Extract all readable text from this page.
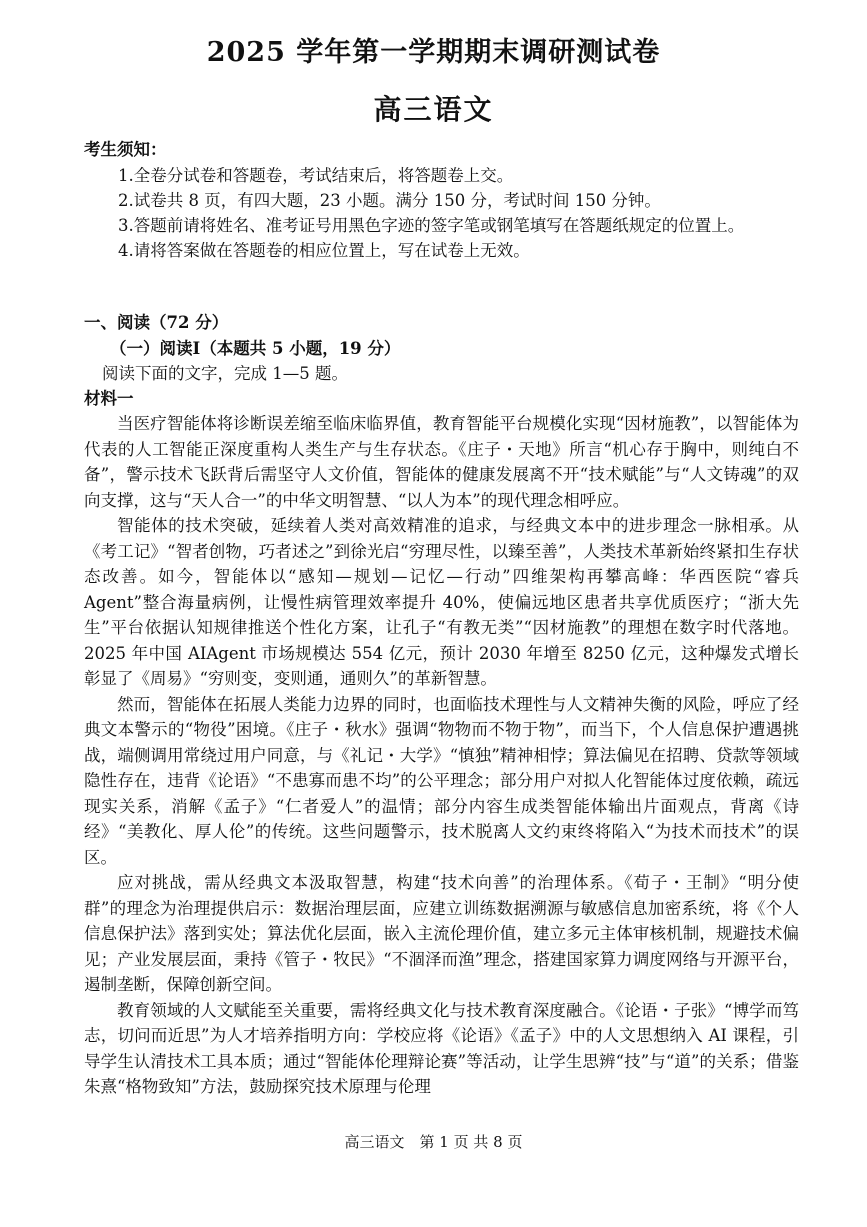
2025 学年第一学期期末调研测试卷
高三语文
考生须知：
1.全卷分试卷和答题卷，考试结束后，将答题卷上交。
2.试卷共 8 页，有四大题，23 小题。满分 150 分，考试时间 150 分钟。
3.答题前请将姓名、准考证号用黑色字迹的签字笔或钢笔填写在答题纸规定的位置上。
4.请将答案做在答题卷的相应位置上，写在试卷上无效。
一、阅读（72 分）
（一）阅读I（本题共 5 小题，19 分）
阅读下面的文字，完成 1—5 题。
材料一

当医疗智能体将诊断误差缩至临床临界值，教育智能平台规模化实现“因材施教”，以智能体为代表的人工智能正深度重构人类生产与生存状态。《庄子・天地》所言“机心存于胸中，则纯白不备”，警示技术飞跃背后需坚守人文价值，智能体的健康发展离不开“技术赋能”与“人文铸魂”的双向支撑，这与“天人合一”的中华文明智慧、“以人为本”的现代理念相呼应。

智能体的技术突破，延续着人类对高效精准的追求，与经典文本中的进步理念一脉相承。从《考工记》“智者创物，巧者述之”到徐光启“穷理尽性，以臻至善”，人类技术革新始终紧扣生存状态改善。如今，智能体以“感知—规划—记忆—行动”四维架构再攀高峰：华西医院“睿兵 Agent”整合海量病例，让慢性病管理效率提升 40%，使偏远地区患者共享优质医疗；“浙大先生”平台依据认知规律推送个性化方案，让孔子“有教无类”“因材施教”的理想在数字时代落地。2025 年中国 AIAgent 市场规模达 554 亿元，预计 2030 年增至 8250 亿元，这种爆发式增长彰显了《周易》“穷则变，变则通，通则久”的革新智慧。

然而，智能体在拓展人类能力边界的同时，也面临技术理性与人文精神失衡的风险，呼应了经典文本警示的“物役”困境。《庄子・秋水》强调“物物而不物于物”，而当下，个人信息保护遭遇挑战，端侧调用常绕过用户同意，与《礼记・大学》“慎独”精神相悖；算法偏见在招聘、贷款等领域隐性存在，违背《论语》“不患寡而患不均”的公平理念；部分用户对拟人化智能体过度依赖，疏远现实关系，消解《孟子》“仁者爱人”的温情；部分内容生成类智能体输出片面观点，背离《诗经》“美教化、厚人伦”的传统。这些问题警示，技术脱离人文约束终将陷入“为技术而技术”的误区。

应对挑战，需从经典文本汲取智慧，构建“技术向善”的治理体系。《荀子・王制》“明分使群”的理念为治理提供启示：数据治理层面，应建立训练数据溯源与敏感信息加密系统，将《个人信息保护法》落到实处；算法优化层面，嵌入主流伦理价值，建立多元主体审核机制，规避技术偏见；产业发展层面，秉持《管子・牧民》“不涸泽而渔”理念，搭建国家算力调度网络与开源平台，遏制垄断，保障创新空间。

教育领域的人文赋能至关重要，需将经典文化与技术教育深度融合。《论语・子张》“博学而笃志，切问而近思”为人才培养指明方向：学校应将《论语》《孟子》中的人文思想纳入 AI 课程，引导学生认清技术工具本质；通过“智能体伦理辩论赛”等活动，让学生思辨“技”与“道”的关系；借鉴朱熹“格物致知”方法，鼓励探究技术原理与伦理

高三语文　第 1 页 共 8 页
